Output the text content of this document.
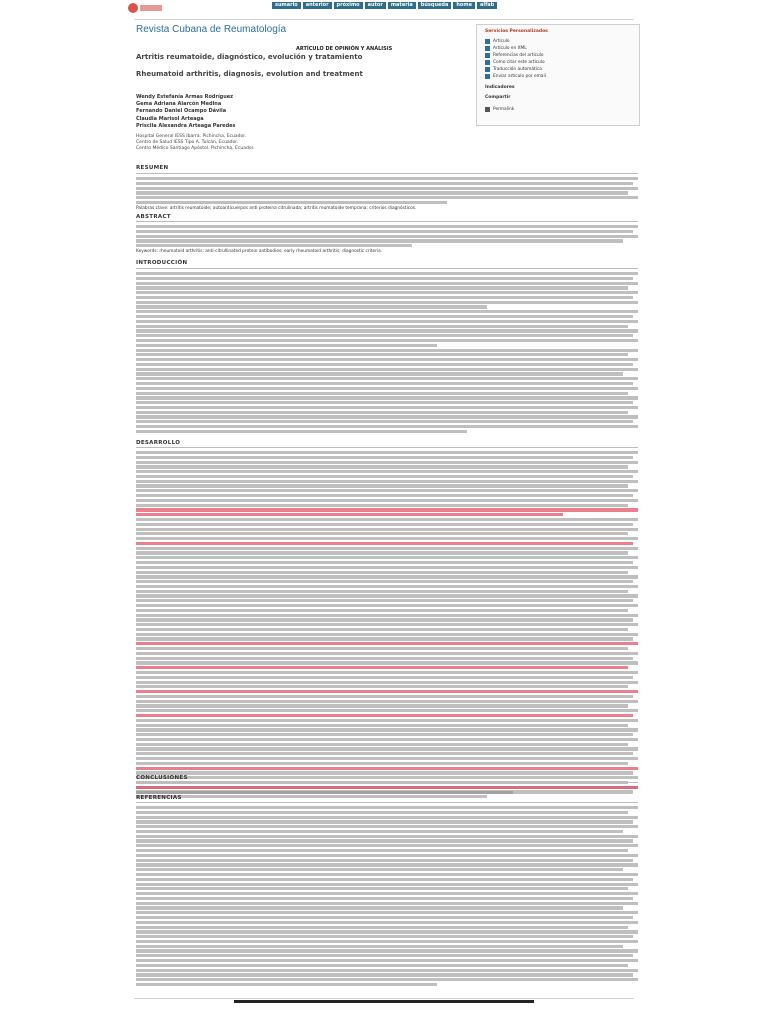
sumario	anterior	próximo	autor	materia	búsqueda	home	alfab
Revista Cubana de Reumatología
ARTÍCULO DE OPINIÓN Y ANÁLISIS
Artritis reumatoide, diagnóstico, evolución y tratamiento
Rheumatoid arthritis, diagnosis, evolution and treatment
Wendy Estefanía Armas Rodríguez
Gema Adriana Alarcón Medina
Fernando Daniel Ocampo Dávila
Claudia Marisol Arteaga
Priscila Alexandra Arteaga Paredes
Hospital General IESS Ibarra. Pichincha, Ecuador.
Centro de Salud IESS Tipo A. Tulcán, Ecuador.
Centro Médico Santiago Apóstol. Pichincha, Ecuador.
Servicios Personalizados
Artículo
Artículo en XML
Referencias del artículo
Como citar este artículo
Traducción automática
Enviar artículo por email
Indicadores
Compartir
Permalink
RESUMEN
Palabras clave: artritis reumatoide; autoanticuerpos anti proteína citrulinada; artritis reumatoide temprana; criterios diagnósticos.
ABSTRACT
Keywords: rheumatoid arthritis; anti-citrullinated protein antibodies; early rheumatoid arthritis; diagnostic criteria.
INTRODUCCIÓN
DESARROLLO
CONCLUSIONES
REFERENCIAS
